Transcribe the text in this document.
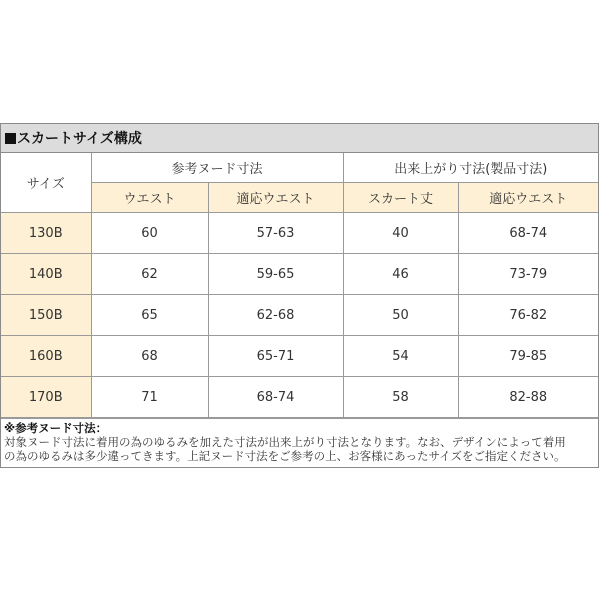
スカートサイズ構成
サイズ	参考ヌード寸法		出来上がり寸法(製品寸法)	
	ウエスト	適応ウエスト	スカート丈	適応ウエスト
130B	60	57-63	40	68-74
140B	62	59-65	46	73-79
150B	65	62-68	50	76-82
160B	68	65-71	54	79-85
170B	71	68-74	58	82-88
※参考ヌード寸法：
対象ヌード寸法に着用の為のゆるみを加えた寸法が出来上がり寸法となります。なお、デザインによって着用
の為のゆるみは多少違ってきます。上記ヌード寸法をご参考の上、お客様にあったサイズをご指定ください。
